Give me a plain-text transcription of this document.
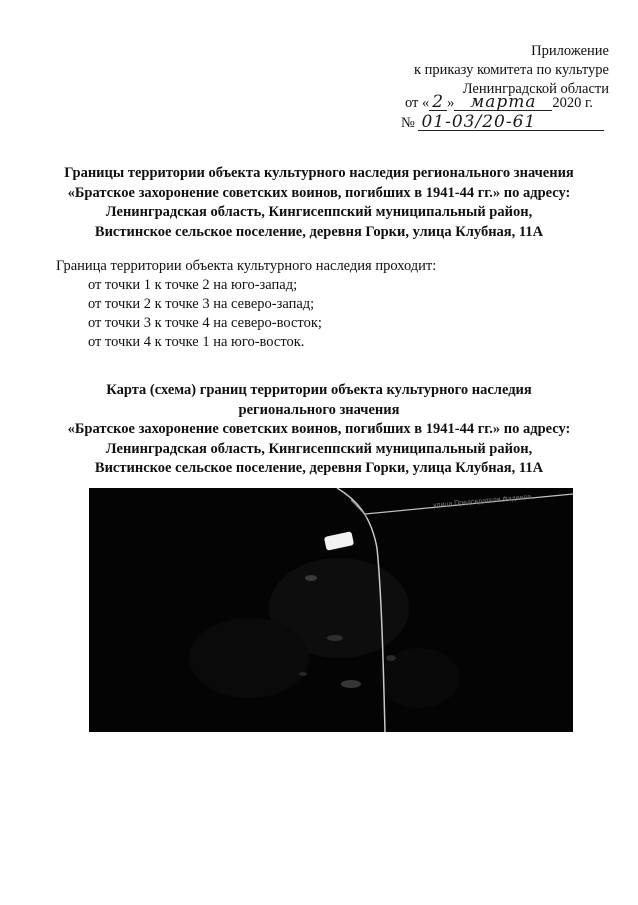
Приложение
к приказу комитета по культуре
Ленинградской области
от « 2 » марта 2020 г.
№ 01-03/20-61
Границы территории объекта культурного наследия регионального значения
«Братское захоронение советских воинов, погибших в 1941-44 гг.» по адресу:
Ленинградская область, Кингисеппский муниципальный район,
Вистинское сельское поселение, деревня Горки, улица Клубная, 11А
Граница территории объекта культурного наследия проходит:
от точки 1 к точке 2 на юго-запад;
от точки 2 к точке 3 на северо-запад;
от точки 3 к точке 4 на северо-восток;
от точки 4 к точке 1 на юго-восток.
Карта (схема) границ территории объекта культурного наследия
регионального значения
«Братское захоронение советских воинов, погибших в 1941-44 гг.» по адресу:
Ленинградская область, Кингисеппский муниципальный район,
Вистинское сельское поселение, деревня Горки, улица Клубная, 11А
улица Председателя Фадеева
